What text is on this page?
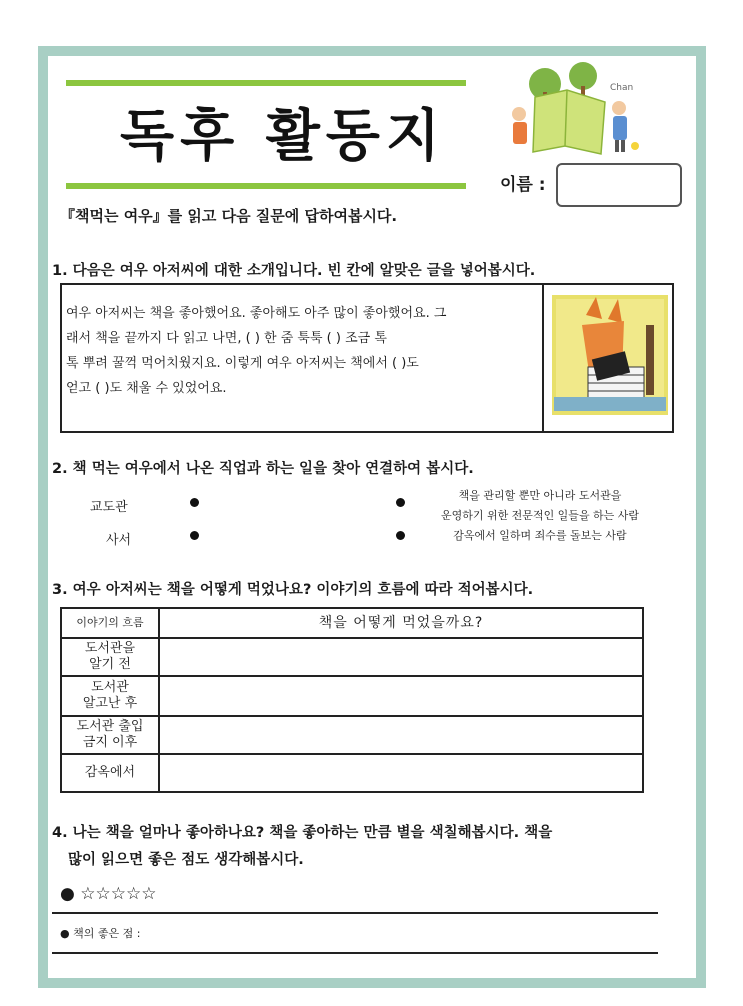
독후 활동지
Chan
이름 :
『책먹는 여우』를 읽고 다음 질문에 답하여봅시다.
1. 다음은 여우 아저씨에 대한 소개입니다. 빈 칸에 알맞은 글을 넣어봅시다.
여우 아저씨는 책을 좋아했어요. 좋아해도 아주 많이 좋아했어요. 그
래서 책을 끝까지 다 읽고 나면, ( ) 한 줌 툭툭 ( ) 조금 톡
톡 뿌려 꿀꺽 먹어치웠지요. 이렇게 여우 아저씨는 책에서 ( )도
얻고 ( )도 채울 수 있었어요.
2. 책 먹는 여우에서 나온 직업과 하는 일을 찾아 연결하여 봅시다.
교도관
책을 관리할 뿐만 아니라 도서관을
운영하기 위한 전문적인 일들을 하는 사람
사서	감옥에서 일하며 죄수를 돌보는 사람
3. 여우 아저씨는 책을 어떻게 먹었나요? 이야기의 흐름에 따라 적어봅시다.
이야기의 흐름	책을 어떻게 먹었을까요?

도서관을
알기 전	

도서관
알고난 후	

도서관 출입
금지 이후	

감옥에서	
4. 나는 책을 얼마나 좋아하나요? 책을 좋아하는 만큼 별을 색칠해봅시다. 책을
많이 읽으면 좋은 점도 생각해봅시다.
● ☆☆☆☆☆
● 책의 좋은 점 :
